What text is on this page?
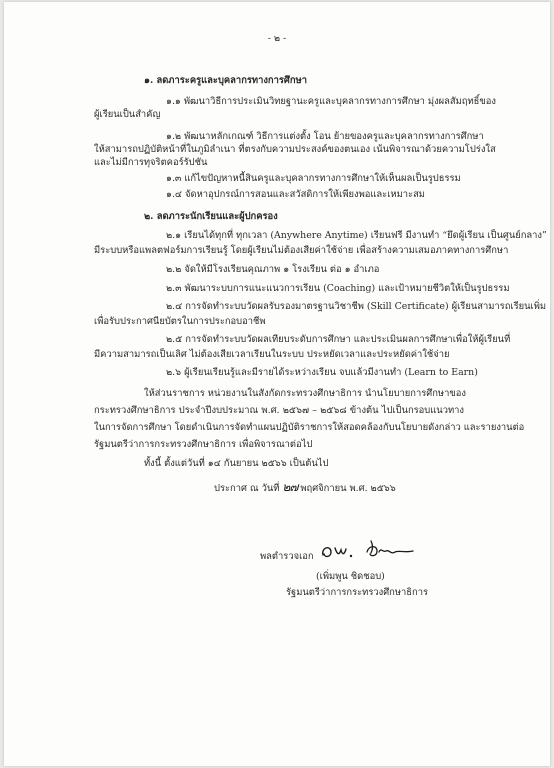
- ๒ -
๑. ลดภาระครูและบุคลากรทางการศึกษา
๑.๑ พัฒนาวิธีการประเมินวิทยฐานะครูและบุคลากรทางการศึกษา มุ่งผลสัมฤทธิ์ของ
ผู้เรียนเป็นสำคัญ
๑.๒ พัฒนาหลักเกณฑ์ วิธีการแต่งตั้ง โอน ย้ายของครูและบุคลากรทางการศึกษา
ให้สามารถปฏิบัติหน้าที่ในภูมิลำเนา ที่ตรงกับความประสงค์ของตนเอง เน้นพิจารณาด้วยความโปร่งใส
และไม่มีการทุจริตคอร์รัปชัน
๑.๓ แก้ไขปัญหาหนี้สินครูและบุคลากรทางการศึกษาให้เห็นผลเป็นรูปธรรม
๑.๔ จัดหาอุปกรณ์การสอนและสวัสดิการให้เพียงพอและเหมาะสม
๒. ลดภาระนักเรียนและผู้ปกครอง
๒.๑ เรียนได้ทุกที่ ทุกเวลา (Anywhere Anytime) เรียนฟรี มีงานทำ “ยึดผู้เรียน เป็นศูนย์กลาง”
มีระบบหรือแพลตฟอร์มการเรียนรู้ โดยผู้เรียนไม่ต้องเสียค่าใช้จ่าย เพื่อสร้างความเสมอภาคทางการศึกษา
๒.๒ จัดให้มีโรงเรียนคุณภาพ ๑ โรงเรียน ต่อ ๑ อำเภอ
๒.๓ พัฒนาระบบการแนะแนวการเรียน (Coaching) และเป้าหมายชีวิตให้เป็นรูปธรรม
๒.๔ การจัดทำระบบวัดผลรับรองมาตรฐานวิชาชีพ (Skill Certificate) ผู้เรียนสามารถเรียนเพิ่ม
เพื่อรับประกาศนียบัตรในการประกอบอาชีพ
๒.๕ การจัดทำระบบวัดผลเทียบระดับการศึกษา และประเมินผลการศึกษาเพื่อให้ผู้เรียนที่
มีความสามารถเป็นเลิศ ไม่ต้องเสียเวลาเรียนในระบบ ประหยัดเวลาและประหยัดค่าใช้จ่าย
๒.๖ ผู้เรียนเรียนรู้และมีรายได้ระหว่างเรียน จบแล้วมีงานทำ (Learn to Earn)
ให้ส่วนราชการ หน่วยงานในสังกัดกระทรวงศึกษาธิการ นำนโยบายการศึกษาของ
กระทรวงศึกษาธิการ ประจำปีงบประมาณ พ.ศ. ๒๕๖๗ – ๒๕๖๘ ข้างต้น ไปเป็นกรอบแนวทาง
ในการจัดการศึกษา โดยดำเนินการจัดทำแผนปฏิบัติราชการให้สอดคล้องกับนโยบายดังกล่าว และรายงานต่อ
รัฐมนตรีว่าการกระทรวงศึกษาธิการ เพื่อพิจารณาต่อไป
ทั้งนี้ ตั้งแต่วันที่ ๑๔ กันยายน ๒๕๖๖ เป็นต้นไป
ประกาศ ณ วันที่ ๒๗ พฤศจิกายน พ.ศ. ๒๕๖๖
พลตำรวจเอก
(เพิ่มพูน ชิดชอบ)
รัฐมนตรีว่าการกระทรวงศึกษาธิการ
